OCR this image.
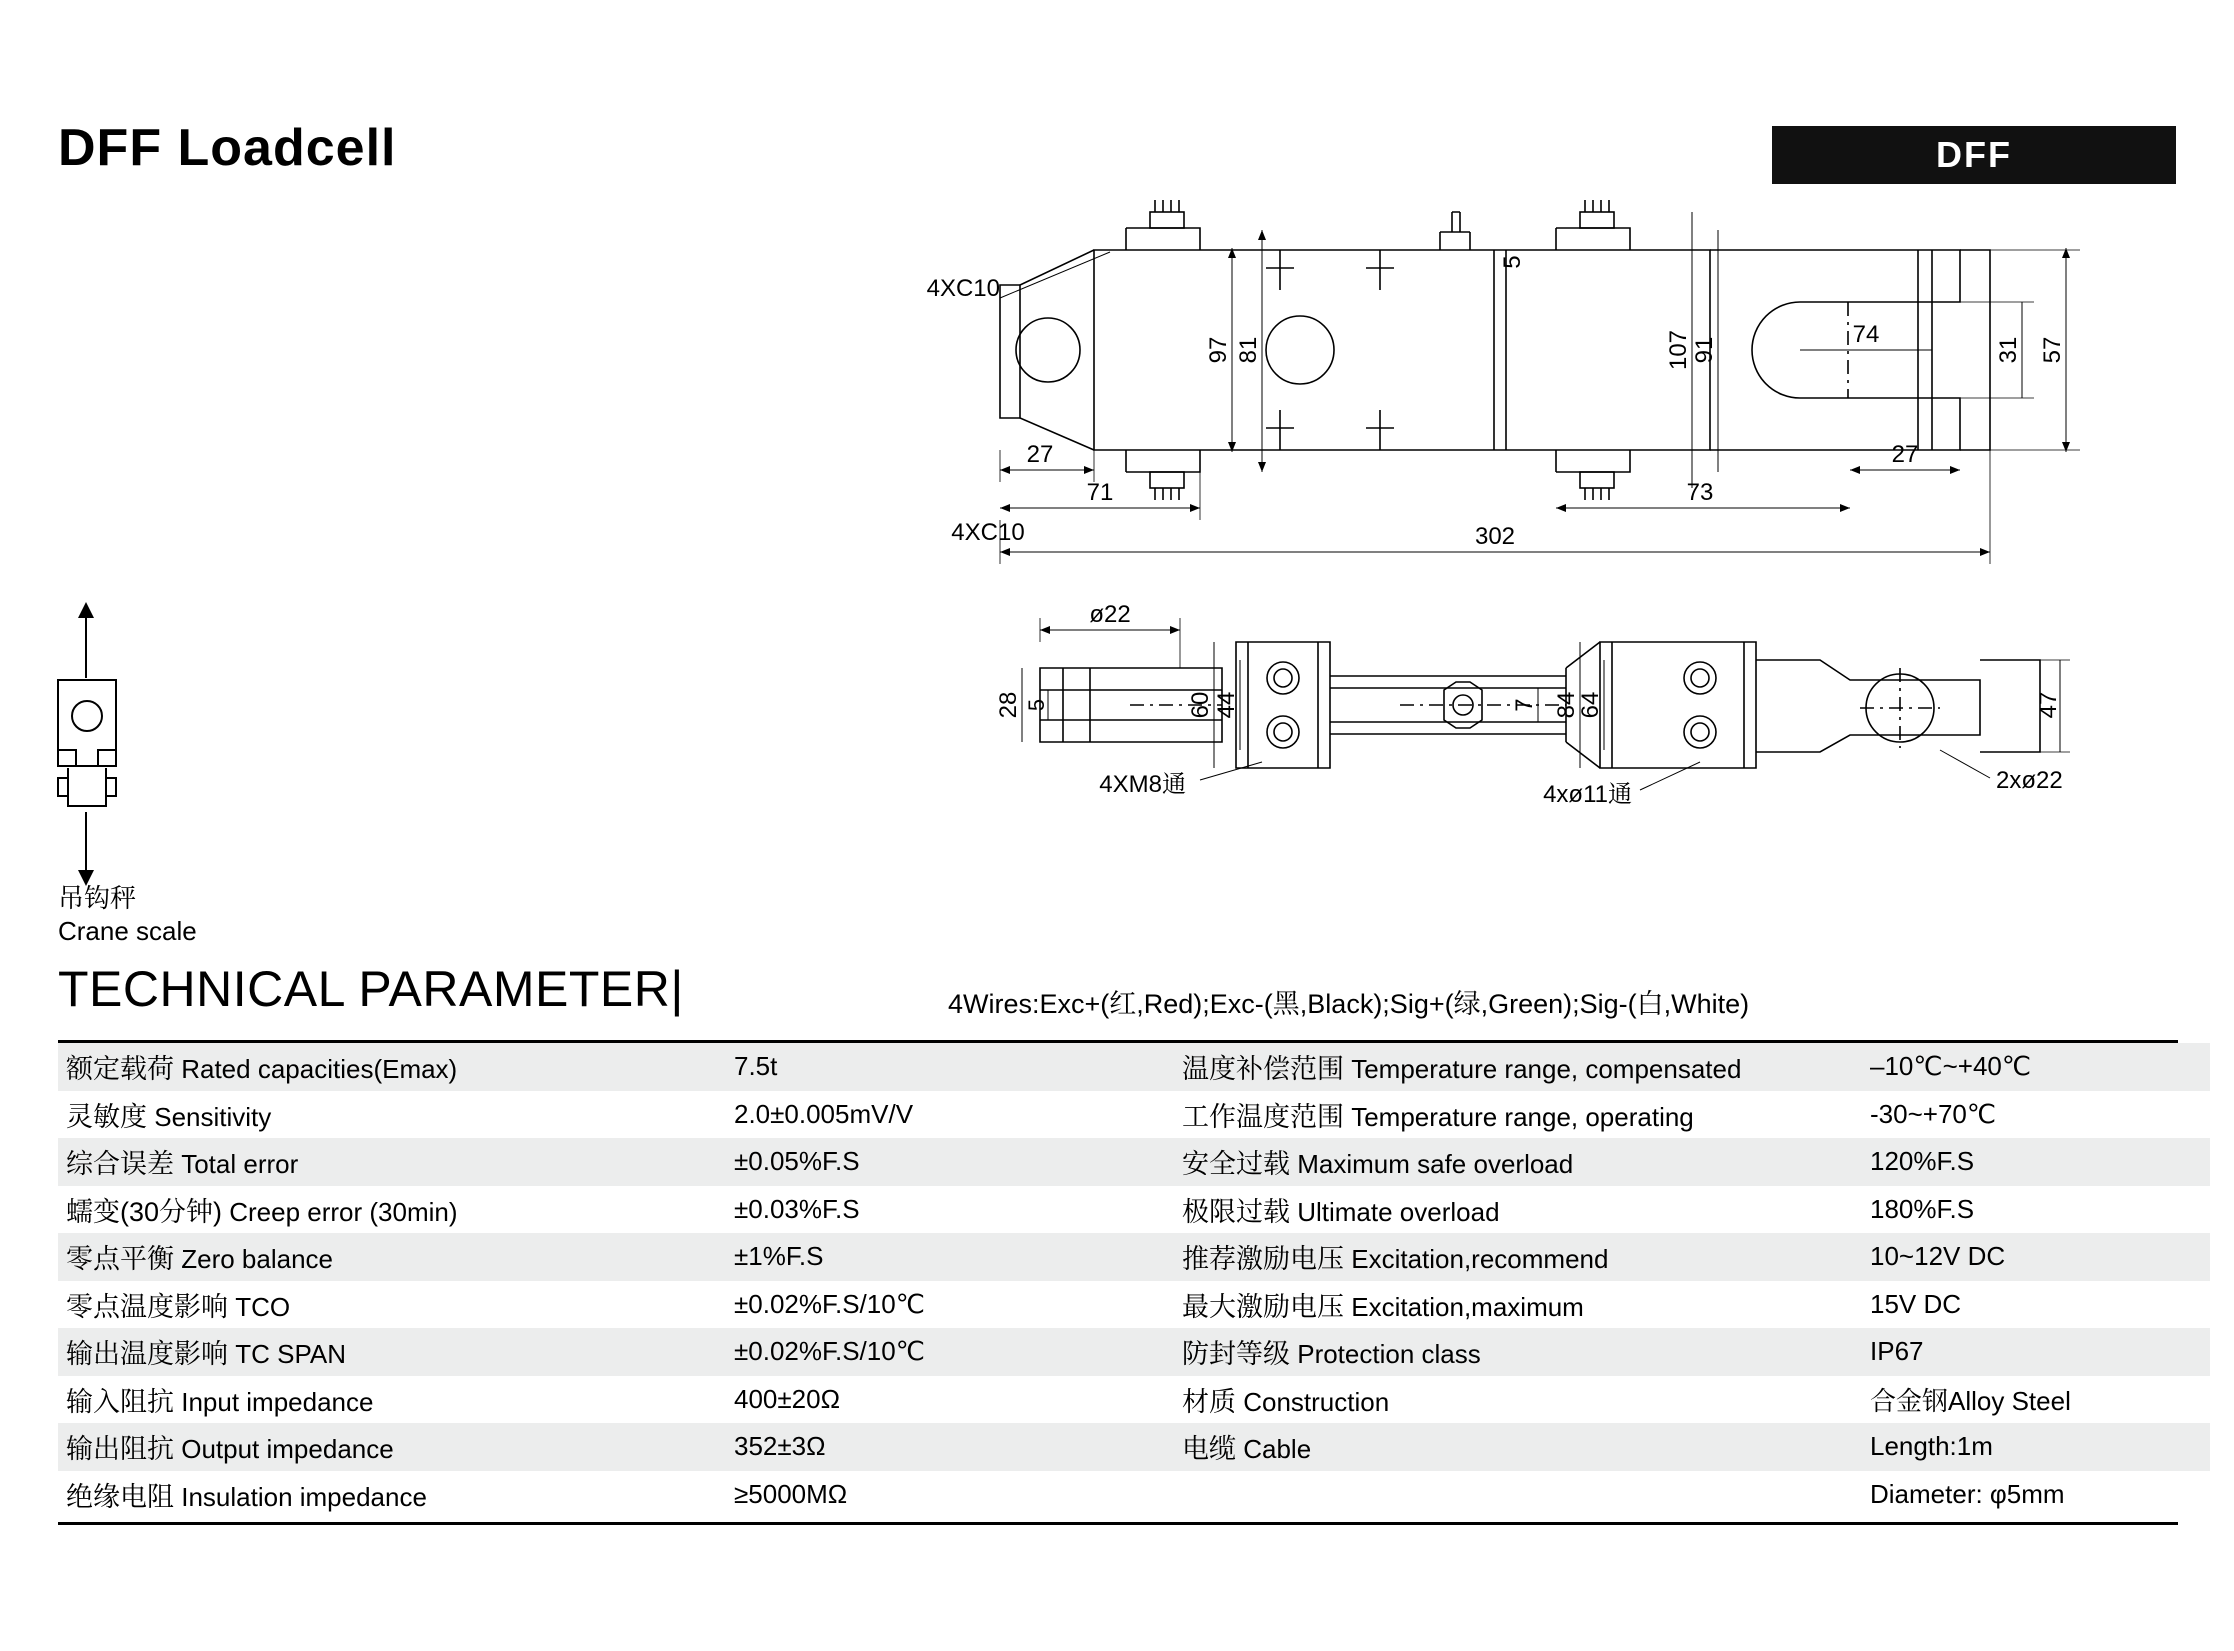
DFF Loadcell	DFF
4XC10
4XC10
97 81
5
107 91
74
31 57
27
71	73
27
302
ø22
28 5	60 44	7 84
64	47
4XM8通	4xø11通
2xø22
吊钩秤
Crane scale
TECHNICAL PARAMETER|	4Wires:Exc+(红,Red);Exc-(黑,Black);Sig+(绿,Green);Sig-(白,White)
额定载荷 Rated capacities(Emax)	7.5t	温度补偿范围 Temperature range, compensated	–10℃~+40℃
灵敏度 Sensitivity	2.0±0.005mV/V	工作温度范围 Temperature range, operating	-30~+70℃
综合误差 Total error	±0.05%F.S	安全过载 Maximum safe overload	120%F.S
蠕变(30分钟) Creep error (30min)	±0.03%F.S	极限过载 Ultimate overload	180%F.S
零点平衡 Zero balance	±1%F.S	推荐激励电压 Excitation,recommend	10~12V DC
零点温度影响 TCO	±0.02%F.S/10℃	最大激励电压 Excitation,maximum	15V DC
输出温度影响 TC SPAN	±0.02%F.S/10℃	防封等级 Protection class	IP67
输入阻抗 Input impedance	400±20Ω	材质 Construction	合金钢Alloy Steel
输出阻抗 Output impedance	352±3Ω	电缆 Cable	Length:1m
绝缘电阻 Insulation impedance	≥5000MΩ		Diameter: φ5mm
